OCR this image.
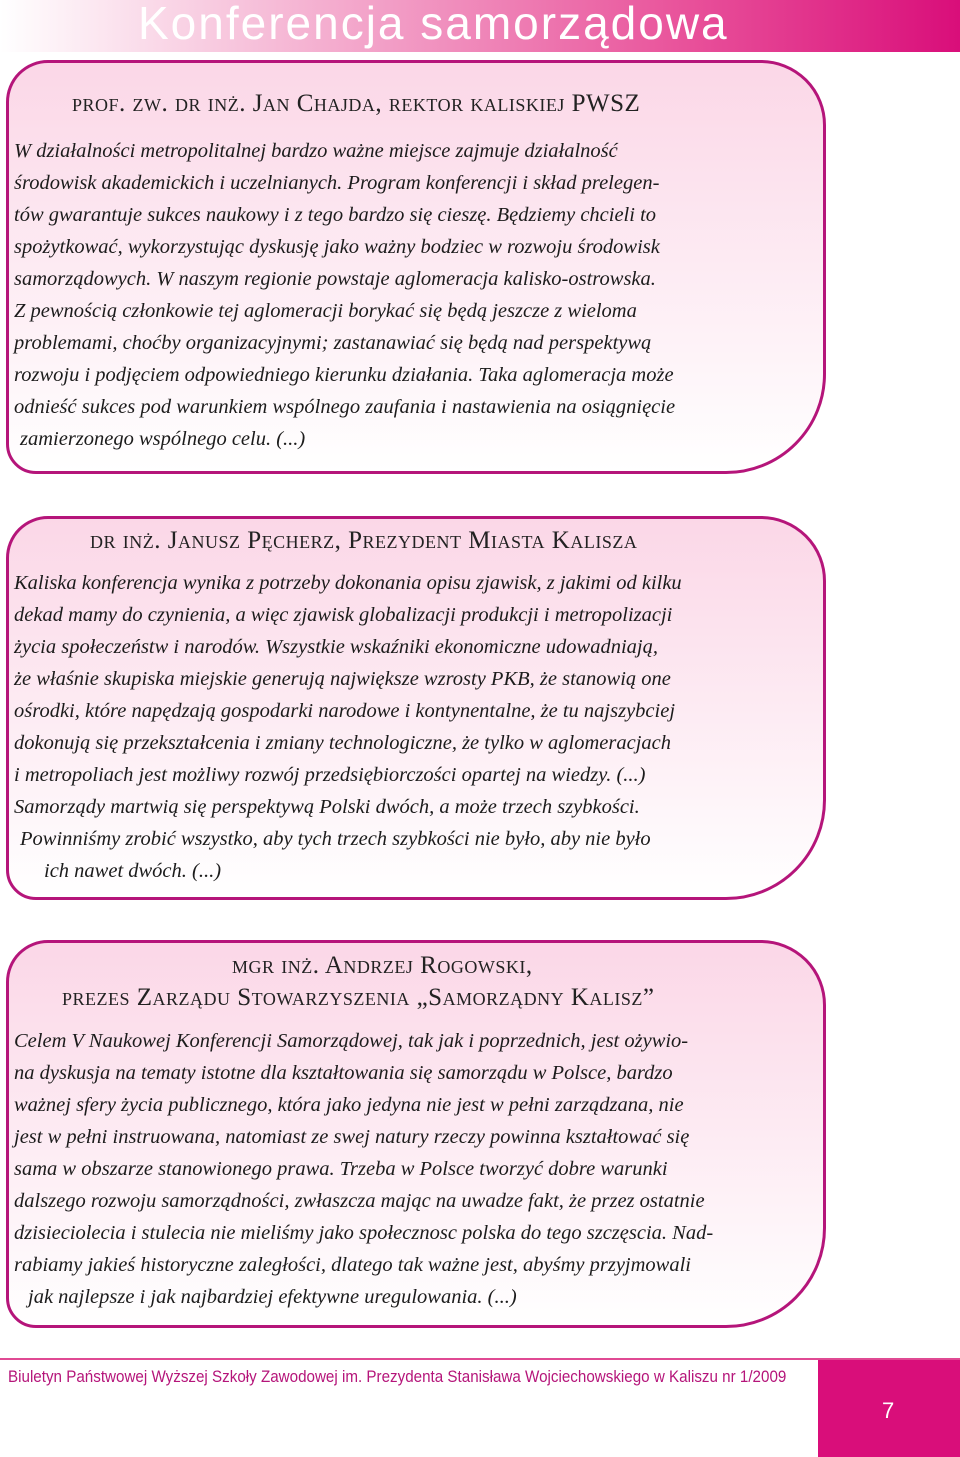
Konferencja samorządowa
prof. zw. dr inż. Jan Chajda, rektor kaliskiej PWSZ

W działalności metropolitalnej bardzo ważne miejsce zajmuje działalność

środowisk akademickich i uczelnianych. Program konferencji i skład prelegen-

tów gwarantuje sukces naukowy i z tego bardzo się cieszę. Będziemy chcieli to

spożytkować, wykorzystując dyskusję jako ważny bodziec w rozwoju środowisk

samorządowych. W naszym regionie powstaje aglomeracja kalisko-ostrowska.

Z pewnością członkowie tej aglomeracji borykać się będą jeszcze z wieloma

problemami, choćby organizacyjnymi; zastanawiać się będą nad perspektywą

rozwoju i podjęciem odpowiedniego kierunku działania. Taka aglomeracja może

odnieść sukces pod warunkiem wspólnego zaufania i nastawienia na osiągnięcie

zamierzonego wspólnego celu. (...)

dr inż. Janusz Pęcherz, Prezydent Miasta Kalisza

Kaliska konferencja wynika z potrzeby dokonania opisu zjawisk, z jakimi od kilku

dekad mamy do czynienia, a więc zjawisk globalizacji produkcji i metropolizacji

życia społeczeństw i narodów. Wszystkie wskaźniki ekonomiczne udowadniają,

że właśnie skupiska miejskie generują największe wzrosty PKB, że stanowią one

ośrodki, które napędzają gospodarki narodowe i kontynentalne, że tu najszybciej

dokonują się przekształcenia i zmiany technologiczne, że tylko w aglomeracjach

i metropoliach jest możliwy rozwój przedsiębiorczości opartej na wiedzy. (...)

Samorządy martwią się perspektywą Polski dwóch, a może trzech szybkości.

Powinniśmy zrobić wszystko, aby tych trzech szybkości nie było, aby nie było

ich nawet dwóch. (...)

mgr inż. Andrzej Rogowski,
prezes Zarządu Stowarzyszenia „Samorządny Kalisz”

Celem V Naukowej Konferencji Samorządowej, tak jak i poprzednich, jest ożywio-

na dyskusja na tematy istotne dla kształtowania się samorządu w Polsce, bardzo

ważnej sfery życia publicznego, która jako jedyna nie jest w pełni zarządzana, nie

jest w pełni instruowana, natomiast ze swej natury rzeczy powinna kształtować się

sama w obszarze stanowionego prawa. Trzeba w Polsce tworzyć dobre warunki

dalszego rozwoju samorządności, zwłaszcza mając na uwadze fakt, że przez ostatnie

dzisieciolecia i stulecia nie mieliśmy jako społecznosc polska do tego szczęscia. Nad-

rabiamy jakieś historyczne zaległości, dlatego tak ważne jest, abyśmy przyjmowali

jak najlepsze i jak najbardziej efektywne uregulowania. (...)

Biuletyn Państwowej Wyższej Szkoły Zawodowej im. Prezydenta Stanisława Wojciechowskiego w Kaliszu nr 1/2009

7
